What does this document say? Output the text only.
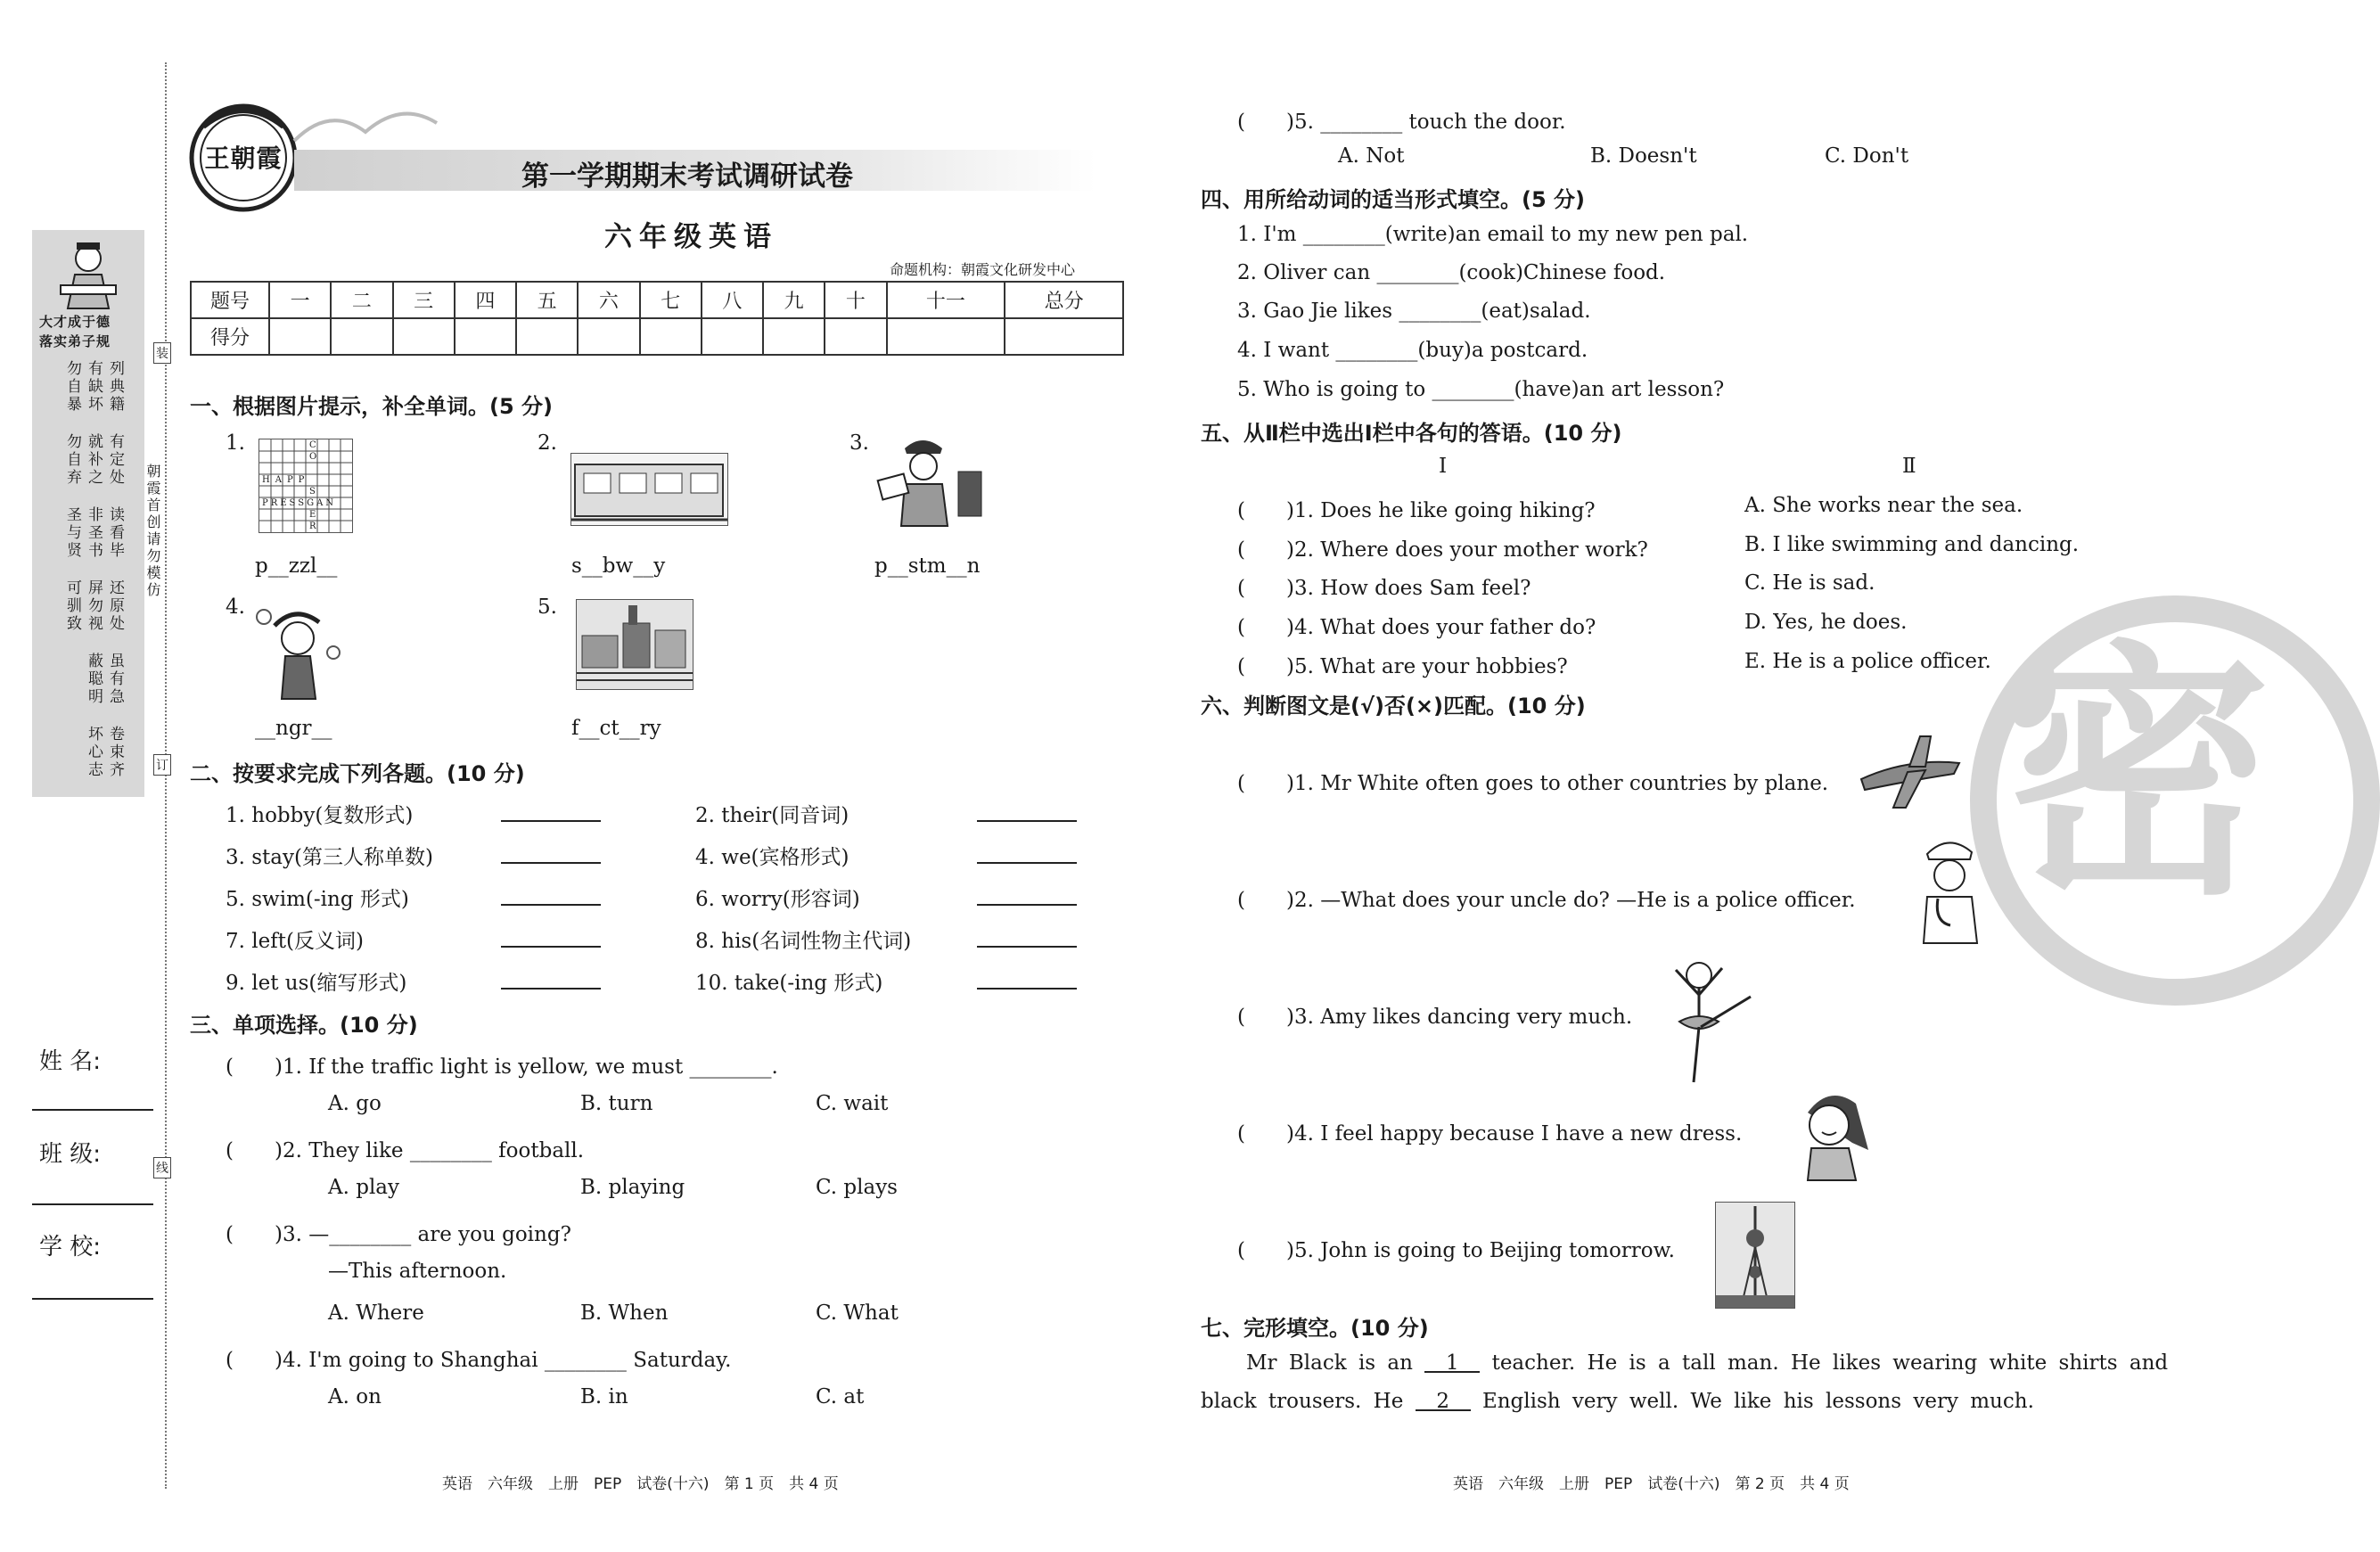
大才成于德
落实弟子规
列典籍
有缺坏
勿自暴
有定处
就补之
勿自弃
读看毕
非圣书
圣与贤
还原处
屏勿视
可驯致
虽有急
蔽聪明
卷束齐
坏心志
朝霞首创请勿模仿
装
订
线
姓 名:
班 级:
学 校:
王朝霞
第一学期期末考试调研试卷
六年级英语
命题机构：朝霞文化研发中心
题号	一	二	三	四	五	六	七	八	九	十	十一	总分
得分												
一、根据图片提示，补全单词。(5 分)
1.	C
O
HAPP
S
PRESSGAN
E
R
p__zzl__
2.
s__bw__y
3.
p__stm__n
4.
__ngr__
5.
f__ct__ry
二、按要求完成下列各题。(10 分)
1. hobby(复数形式)	2. their(同音词)
3. stay(第三人称单数)	4. we(宾格形式)
5. swim(-ing 形式)	6. worry(形容词)
7. left(反义词)	8. his(名词性物主代词)
9. let us(缩写形式)	10. take(-ing 形式)
三、单项选择。(10 分)
(　　)1. If the traffic light is yellow, we must ________.
A. go	B. turn	C. wait
(　　)2. They like ________ football.
A. play	B. playing	C. plays
(　　)3. —________ are you going?
—This afternoon.
A. Where	B. When	C. What
(　　)4. I'm going to Shanghai ________ Saturday.
A. on	B. in	C. at
英语　六年级　上册　PEP　试卷(十六)　第 1 页　共 4 页
(　　)5. ________ touch the door.
A. Not	B. Doesn't	C. Don't
密
四、用所给动词的适当形式填空。(5 分)
1. I'm ________(write)an email to my new pen pal.
2. Oliver can ________(cook)Chinese food.
3. Gao Jie likes ________(eat)salad.
4. I want ________(buy)a postcard.
5. Who is going to ________(have)an art lesson?
五、从Ⅱ栏中选出Ⅰ栏中各句的答语。(10 分)
Ⅰ	Ⅱ
(　　)1. Does he like going hiking?	A. She works near the sea.
(　　)2. Where does your mother work?	B. I like swimming and dancing.
(　　)3. How does Sam feel?	C. He is sad.
(　　)4. What does your father do?	D. Yes, he does.
(　　)5. What are your hobbies?	E. He is a police officer.
六、判断图文是(√)否(×)匹配。(10 分)
(　　)1. Mr White often goes to other countries by plane.
(　　)2. —What does your uncle do? —He is a police officer.
(　　)3. Amy likes dancing very much.
(　　)4. I feel happy because I have a new dress.
(　　)5. John is going to Beijing tomorrow.
七、完形填空。(10 分)
Mr Black is an 1 teacher. He is a tall man. He likes wearing white shirts and
black trousers. He 2 English very well. We like his lessons very much.
英语　六年级　上册　PEP　试卷(十六)　第 2 页　共 4 页
